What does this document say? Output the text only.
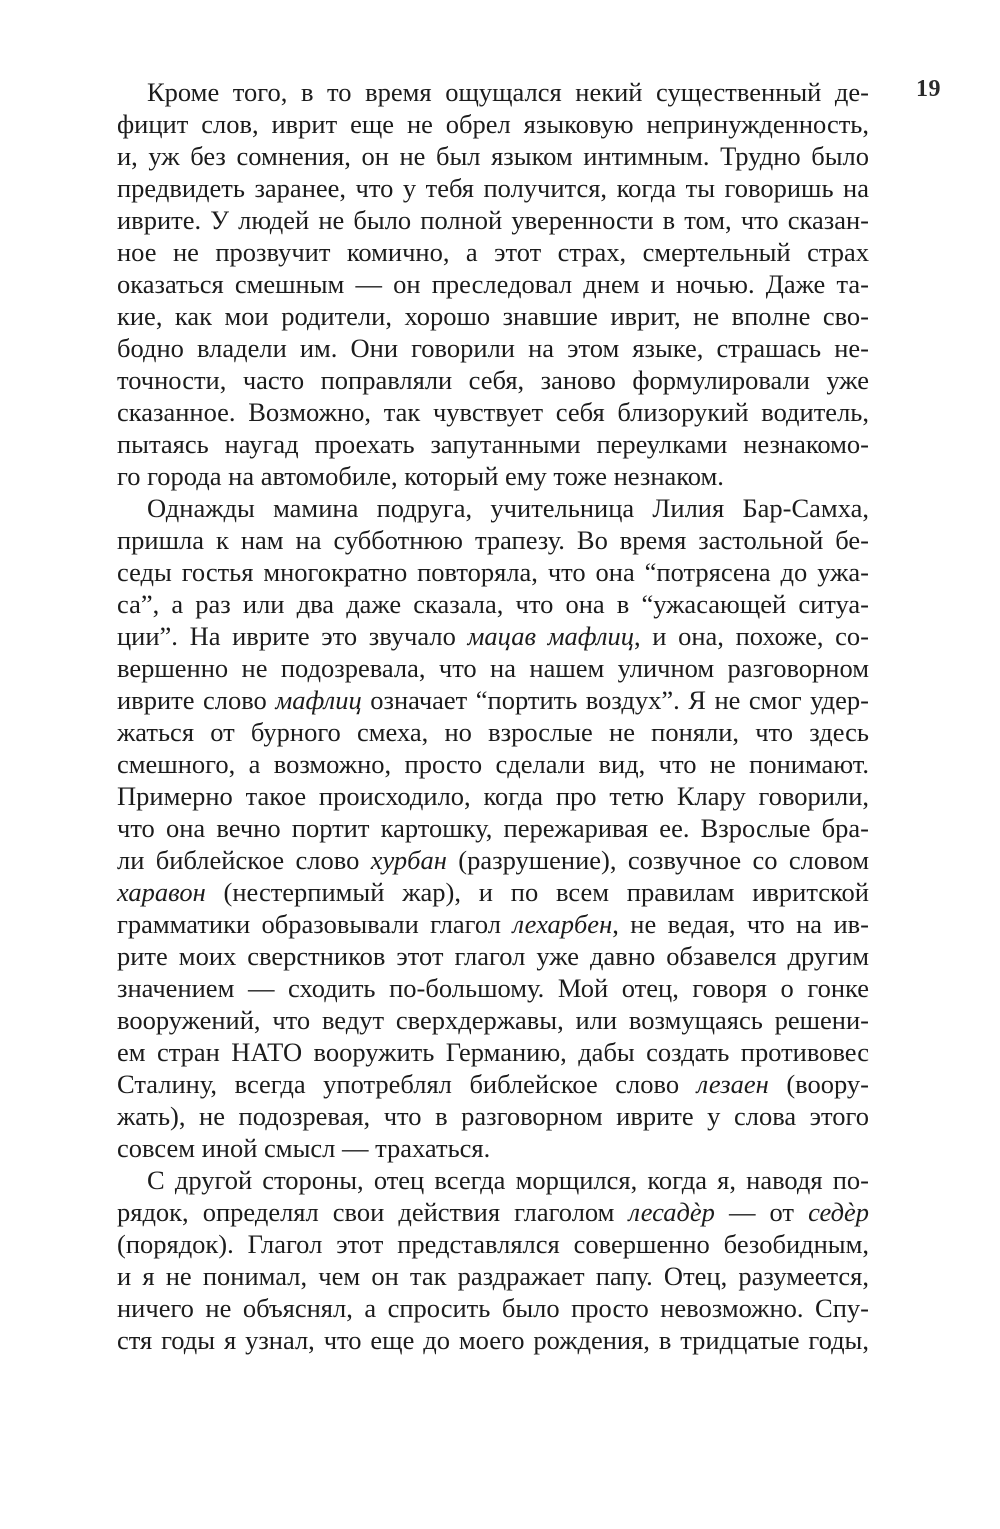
19
Кроме того, в то время ощущался некий существенный де-
фицит слов, иврит еще не обрел языковую непринужденность,
и, уж без сомнения, он не был языком интимным. Трудно было
предвидеть заранее, что у тебя получится, когда ты говоришь на
иврите. У людей не было полной уверенности в том, что сказан-
ное не прозвучит комично, а этот страх, смертельный страх
оказаться смешным — он преследовал днем и ночью. Даже та-
кие, как мои родители, хорошо знавшие иврит, не вполне сво-
бодно владели им. Они говорили на этом языке, страшась не-
точности, часто поправляли себя, заново формулировали уже
сказанное. Возможно, так чувствует себя близорукий водитель,
пытаясь наугад проехать запутанными переулками незнакомо-
го города на автомобиле, который ему тоже незнаком.
Однажды мамина подруга, учительница Лилия Бар-Самха,
пришла к нам на субботнюю трапезу. Во время застольной бе-
седы гостья многократно повторяла, что она “потрясена до ужа-
са”, а раз или два даже сказала, что она в “ужасающей ситуа-
ции”. На иврите это звучало мацав мафлиц, и она, похоже, со-
вершенно не подозревала, что на нашем уличном разговорном
иврите слово мафлиц означает “портить воздух”. Я не смог удер-
жаться от бурного смеха, но взрослые не поняли, что здесь
смешного, а возможно, просто сделали вид, что не понимают.
Примерно такое происходило, когда про тетю Клару говорили,
что она вечно портит картошку, пережаривая ее. Взрослые бра-
ли библейское слово хурбан (разрушение), созвучное со словом
харавон (нестерпимый жар), и по всем правилам ивритской
грамматики образовывали глагол лехарбен, не ведая, что на ив-
рите моих сверстников этот глагол уже давно обзавелся другим
значением — сходить по-большому. Мой отец, говоря о гонке
вооружений, что ведут сверхдержавы, или возмущаясь решени-
ем стран НАТО вооружить Германию, дабы создать противовес
Сталину, всегда употреблял библейское слово лезаен (воору-
жать), не подозревая, что в разговорном иврите у слова этого
совсем иной смысл — трахаться.
С другой стороны, отец всегда морщился, когда я, наводя по-
рядок, определял свои действия глаголом лесадѐр — от седѐр
(порядок). Глагол этот представлялся совершенно безобидным,
и я не понимал, чем он так раздражает папу. Отец, разумеется,
ничего не объяснял, а спросить было просто невозможно. Спу-
стя годы я узнал, что еще до моего рождения, в тридцатые годы,
